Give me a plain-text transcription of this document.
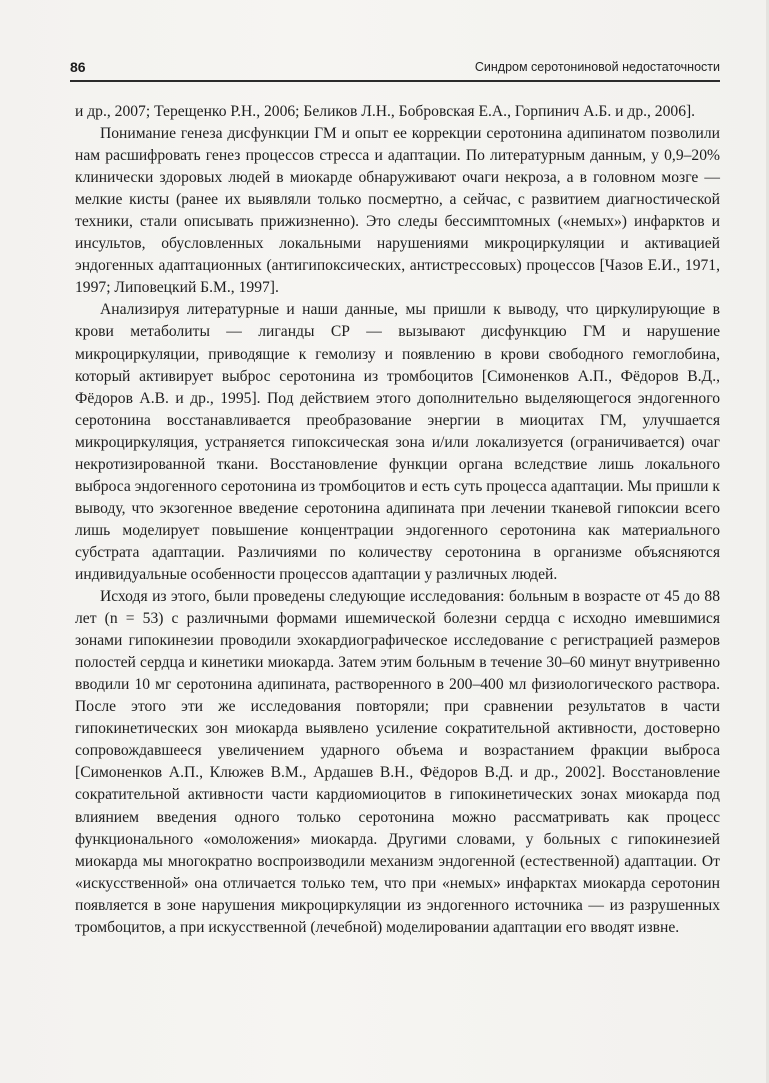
86	Синдром серотониновой недостаточности

и др., 2007; Терещенко Р.Н., 2006; Беликов Л.Н., Бобровская Е.А., Горпинич А.Б. и др., 2006].

Понимание генеза дисфункции ГМ и опыт ее коррекции серотонина адипинатом позволили нам расшифровать генез процессов стресса и адаптации. По литературным данным, у 0,9–20% клинически здоровых людей в миокарде обнаруживают очаги некроза, а в головном мозге — мелкие кисты (ранее их выявляли только посмертно, а сейчас, с развитием диагностической техники, стали описывать прижизненно). Это следы бессимптомных («немых») инфарктов и инсультов, обусловленных локальными нарушениями микроциркуляции и активацией эндогенных адаптационных (антигипоксических, антистрессовых) процессов [Чазов Е.И., 1971, 1997; Липовецкий Б.М., 1997].

Анализируя литературные и наши данные, мы пришли к выводу, что циркулирующие в крови метаболиты — лиганды СР — вызывают дисфункцию ГМ и нарушение микроциркуляции, приводящие к гемолизу и появлению в крови свободного гемоглобина, который активирует выброс серотонина из тромбоцитов [Симоненков А.П., Фёдоров В.Д., Фёдоров А.В. и др., 1995]. Под действием этого дополнительно выделяющегося эндогенного серотонина восстанавливается преобразование энергии в миоцитах ГМ, улучшается микроциркуляция, устраняется гипоксическая зона и/или локализуется (ограничивается) очаг некротизированной ткани. Восстановление функции органа вследствие лишь локального выброса эндогенного серотонина из тромбоцитов и есть суть процесса адаптации. Мы пришли к выводу, что экзогенное введение серотонина адипината при лечении тканевой гипоксии всего лишь моделирует повышение концентрации эндогенного серотонина как материального субстрата адаптации. Различиями по количеству серотонина в организме объясняются индивидуальные особенности процессов адаптации у различных людей.

Исходя из этого, были проведены следующие исследования: больным в возрасте от 45 до 88 лет (n = 53) с различными формами ишемической болезни сердца с исходно имевшимися зонами гипокинезии проводили эхокардиографическое исследование с регистрацией размеров полостей сердца и кинетики миокарда. Затем этим больным в течение 30–60 минут внутривенно вводили 10 мг серотонина адипината, растворенного в 200–400 мл физиологического раствора. После этого эти же исследования повторяли; при сравнении результатов в части гипокинетических зон миокарда выявлено усиление сократительной активности, достоверно сопровождавшееся увеличением ударного объема и возрастанием фракции выброса [Симоненков А.П., Клюжев В.М., Ардашев В.Н., Фёдоров В.Д. и др., 2002]. Восстановление сократительной активности части кардиомиоцитов в гипокинетических зонах миокарда под влиянием введения одного только серотонина можно рассматривать как процесс функционального «омоложения» миокарда. Другими словами, у больных с гипокинезией миокарда мы многократно воспроизводили механизм эндогенной (естественной) адаптации. От «искусственной» она отличается только тем, что при «немых» инфарктах миокарда серотонин появляется в зоне нарушения микроциркуляции из эндогенного источника — из разрушенных тромбоцитов, а при искусственной (лечебной) моделировании адаптации его вводят извне.
